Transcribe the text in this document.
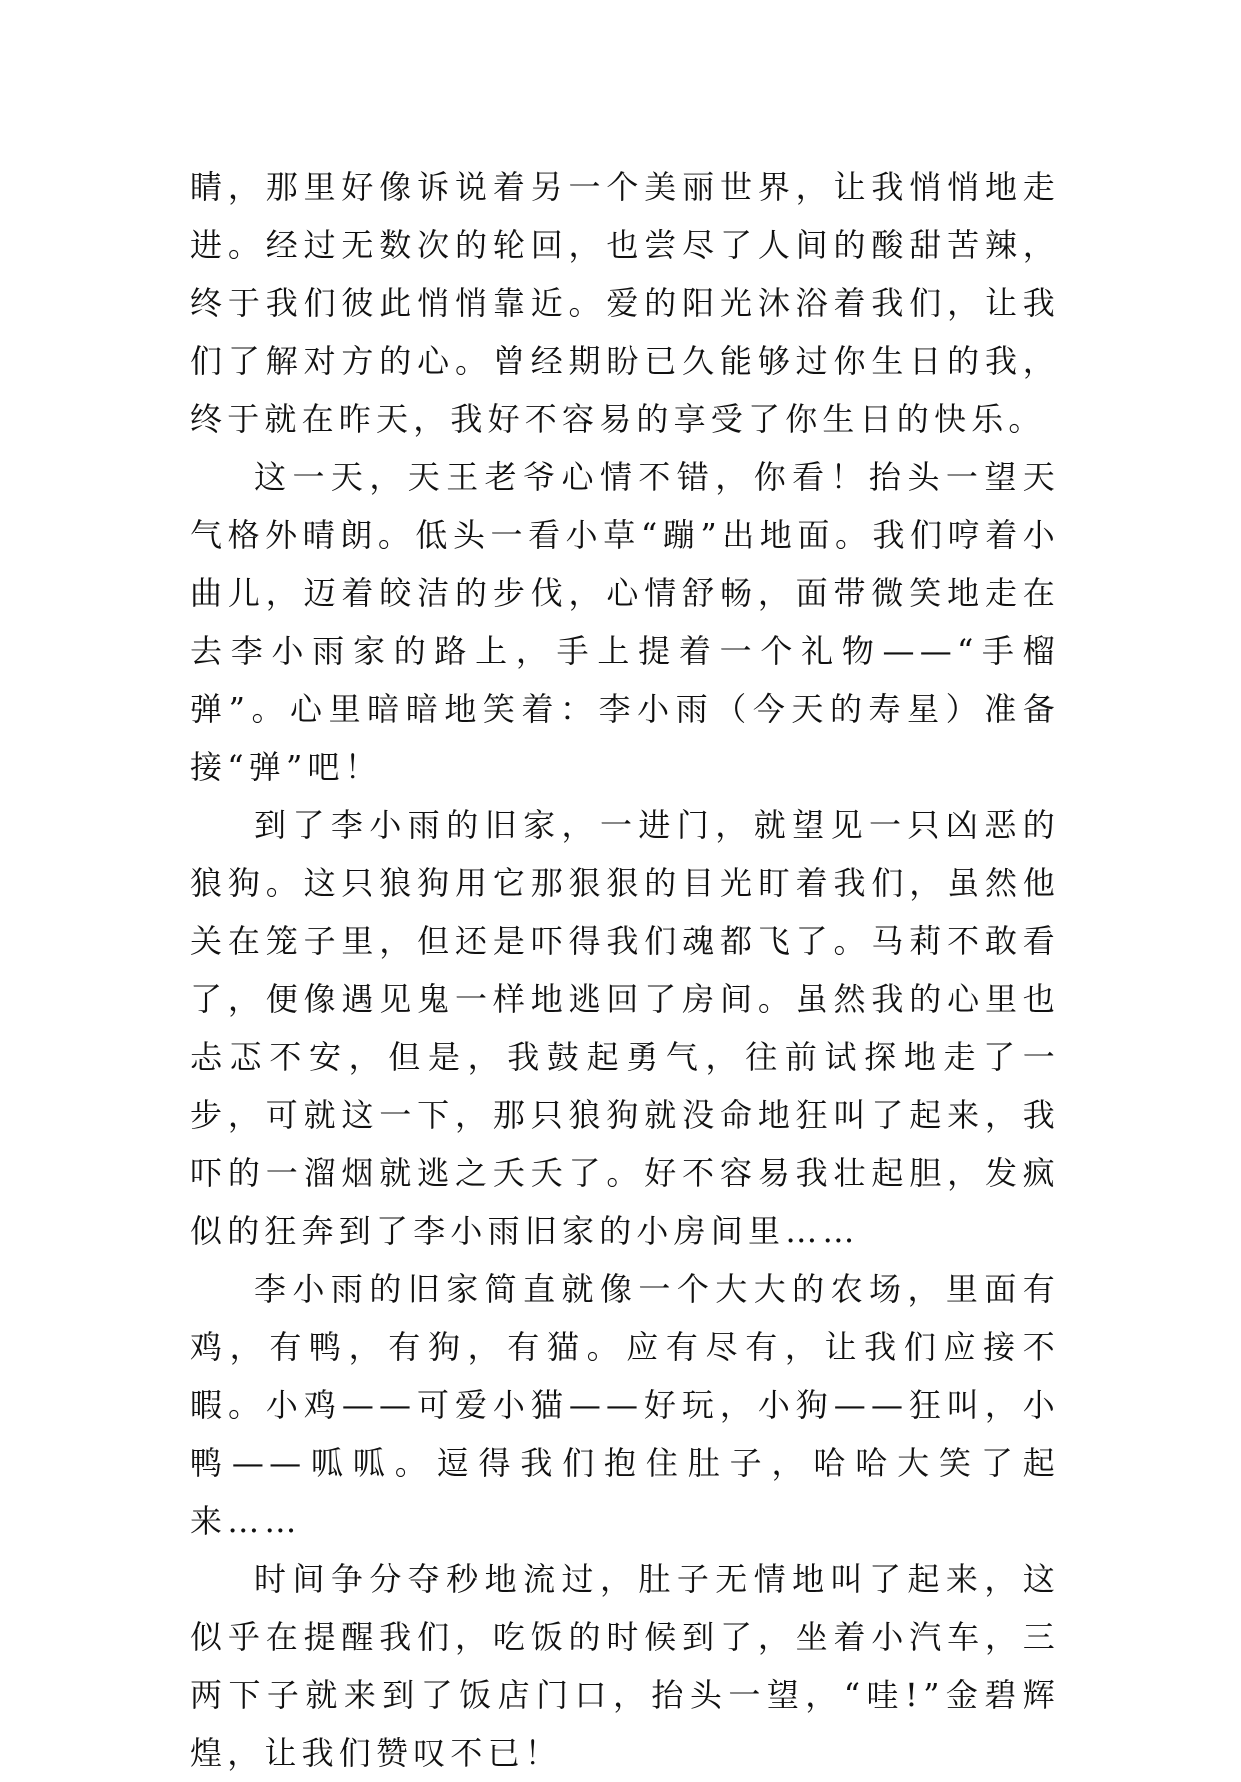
睛，那里好像诉说着另一个美丽世界，让我悄悄地走进。经过无数次的轮回，也尝尽了人间的酸甜苦辣，终于我们彼此悄悄靠近。爱的阳光沐浴着我们，让我们了解对方的心。曾经期盼已久能够过你生日的我，终于就在昨天，我好不容易的享受了你生日的快乐。

这一天，天王老爷心情不错，你看！抬头一望天气格外晴朗。低头一看小草“蹦”出地面。我们哼着小曲儿，迈着皎洁的步伐，心情舒畅，面带微笑地走在去李小雨家的路上，手上提着一个礼物——“手榴弹”。心里暗暗地笑着：李小雨（今天的寿星）准备接“弹”吧！

到了李小雨的旧家，一进门，就望见一只凶恶的狼狗。这只狼狗用它那狠狠的目光盯着我们，虽然他关在笼子里，但还是吓得我们魂都飞了。马莉不敢看了，便像遇见鬼一样地逃回了房间。虽然我的心里也忐忑不安，但是，我鼓起勇气，往前试探地走了一步，可就这一下，那只狼狗就没命地狂叫了起来，我吓的一溜烟就逃之夭夭了。好不容易我壮起胆，发疯似的狂奔到了李小雨旧家的小房间里……

李小雨的旧家简直就像一个大大的农场，里面有鸡，有鸭，有狗，有猫。应有尽有，让我们应接不暇。小鸡——可爱小猫——好玩，小狗——狂叫，小鸭——呱呱。逗得我们抱住肚子，哈哈大笑了起来……

时间争分夺秒地流过，肚子无情地叫了起来，这似乎在提醒我们，吃饭的时候到了，坐着小汽车，三两下子就来到了饭店门口，抬头一望，“哇!”金碧辉煌，让我们赞叹不已！
